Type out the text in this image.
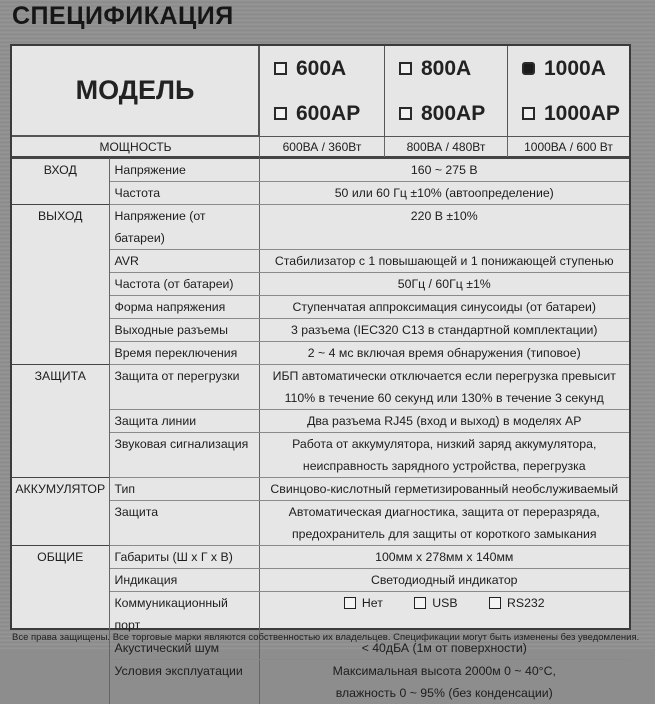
СПЕЦИФИКАЦИЯ
МОДЕЛЬ
600A	800A	1000A
600AP	800AP	1000AP
МОЩНОСТЬ	600ВА / 360Вт	800ВА / 480Вт	1000ВА / 600 Вт
ВХОД	Напряжение	160 ~ 275 В
	Частота	50 или 60 Гц ±10% (автоопределение)
ВЫХОД	Напряжение (от батареи)	220 В ±10%
	AVR	Стабилизатор с 1 повышающей и 1 понижающей ступенью
	Частота (от батареи)	50Гц / 60Гц ±1%
	Форма напряжения	Ступенчатая аппроксимация синусоиды (от батареи)
	Выходные разъемы	3 разъема (IEC320 C13 в стандартной комплектации)
	Время переключения	2 ~ 4 мс включая время обнаружения (типовое)
ЗАЩИТА	Защита от перегрузки	ИБП автоматически отключается если перегрузка превысит
110% в течение 60 секунд или 130% в течение 3 секунд

	Защита линии	Два разъема RJ45 (вход и выход) в моделях AP
	Звуковая сигнализация	Работа от аккумулятора, низкий заряд аккумулятора,
неисправность зарядного устройства, перегрузка

АККУМУЛЯТОР	Тип	Свинцово-кислотный герметизированный необслуживаемый
	Защита	Автоматическая диагностика, защита от переразряда,
предохранитель для защиты от короткого замыкания

ОБЩИЕ	Габариты (Ш х Г х В)	100мм x 278мм x 140мм
	Индикация	Светодиодный индикатор
	Коммуникационный порт	Нет
USB
RS232

	Акустический шум	< 40дБА (1м от поверхности)
	Условия эксплуатации	Максимальная высота 2000м 0 ~ 40°C,
влажность 0 ~ 95% (без конденсации)

Все права защищены. Все торговые марки являются собственностью их владельцев. Спецификации могут быть изменены без уведомления.
